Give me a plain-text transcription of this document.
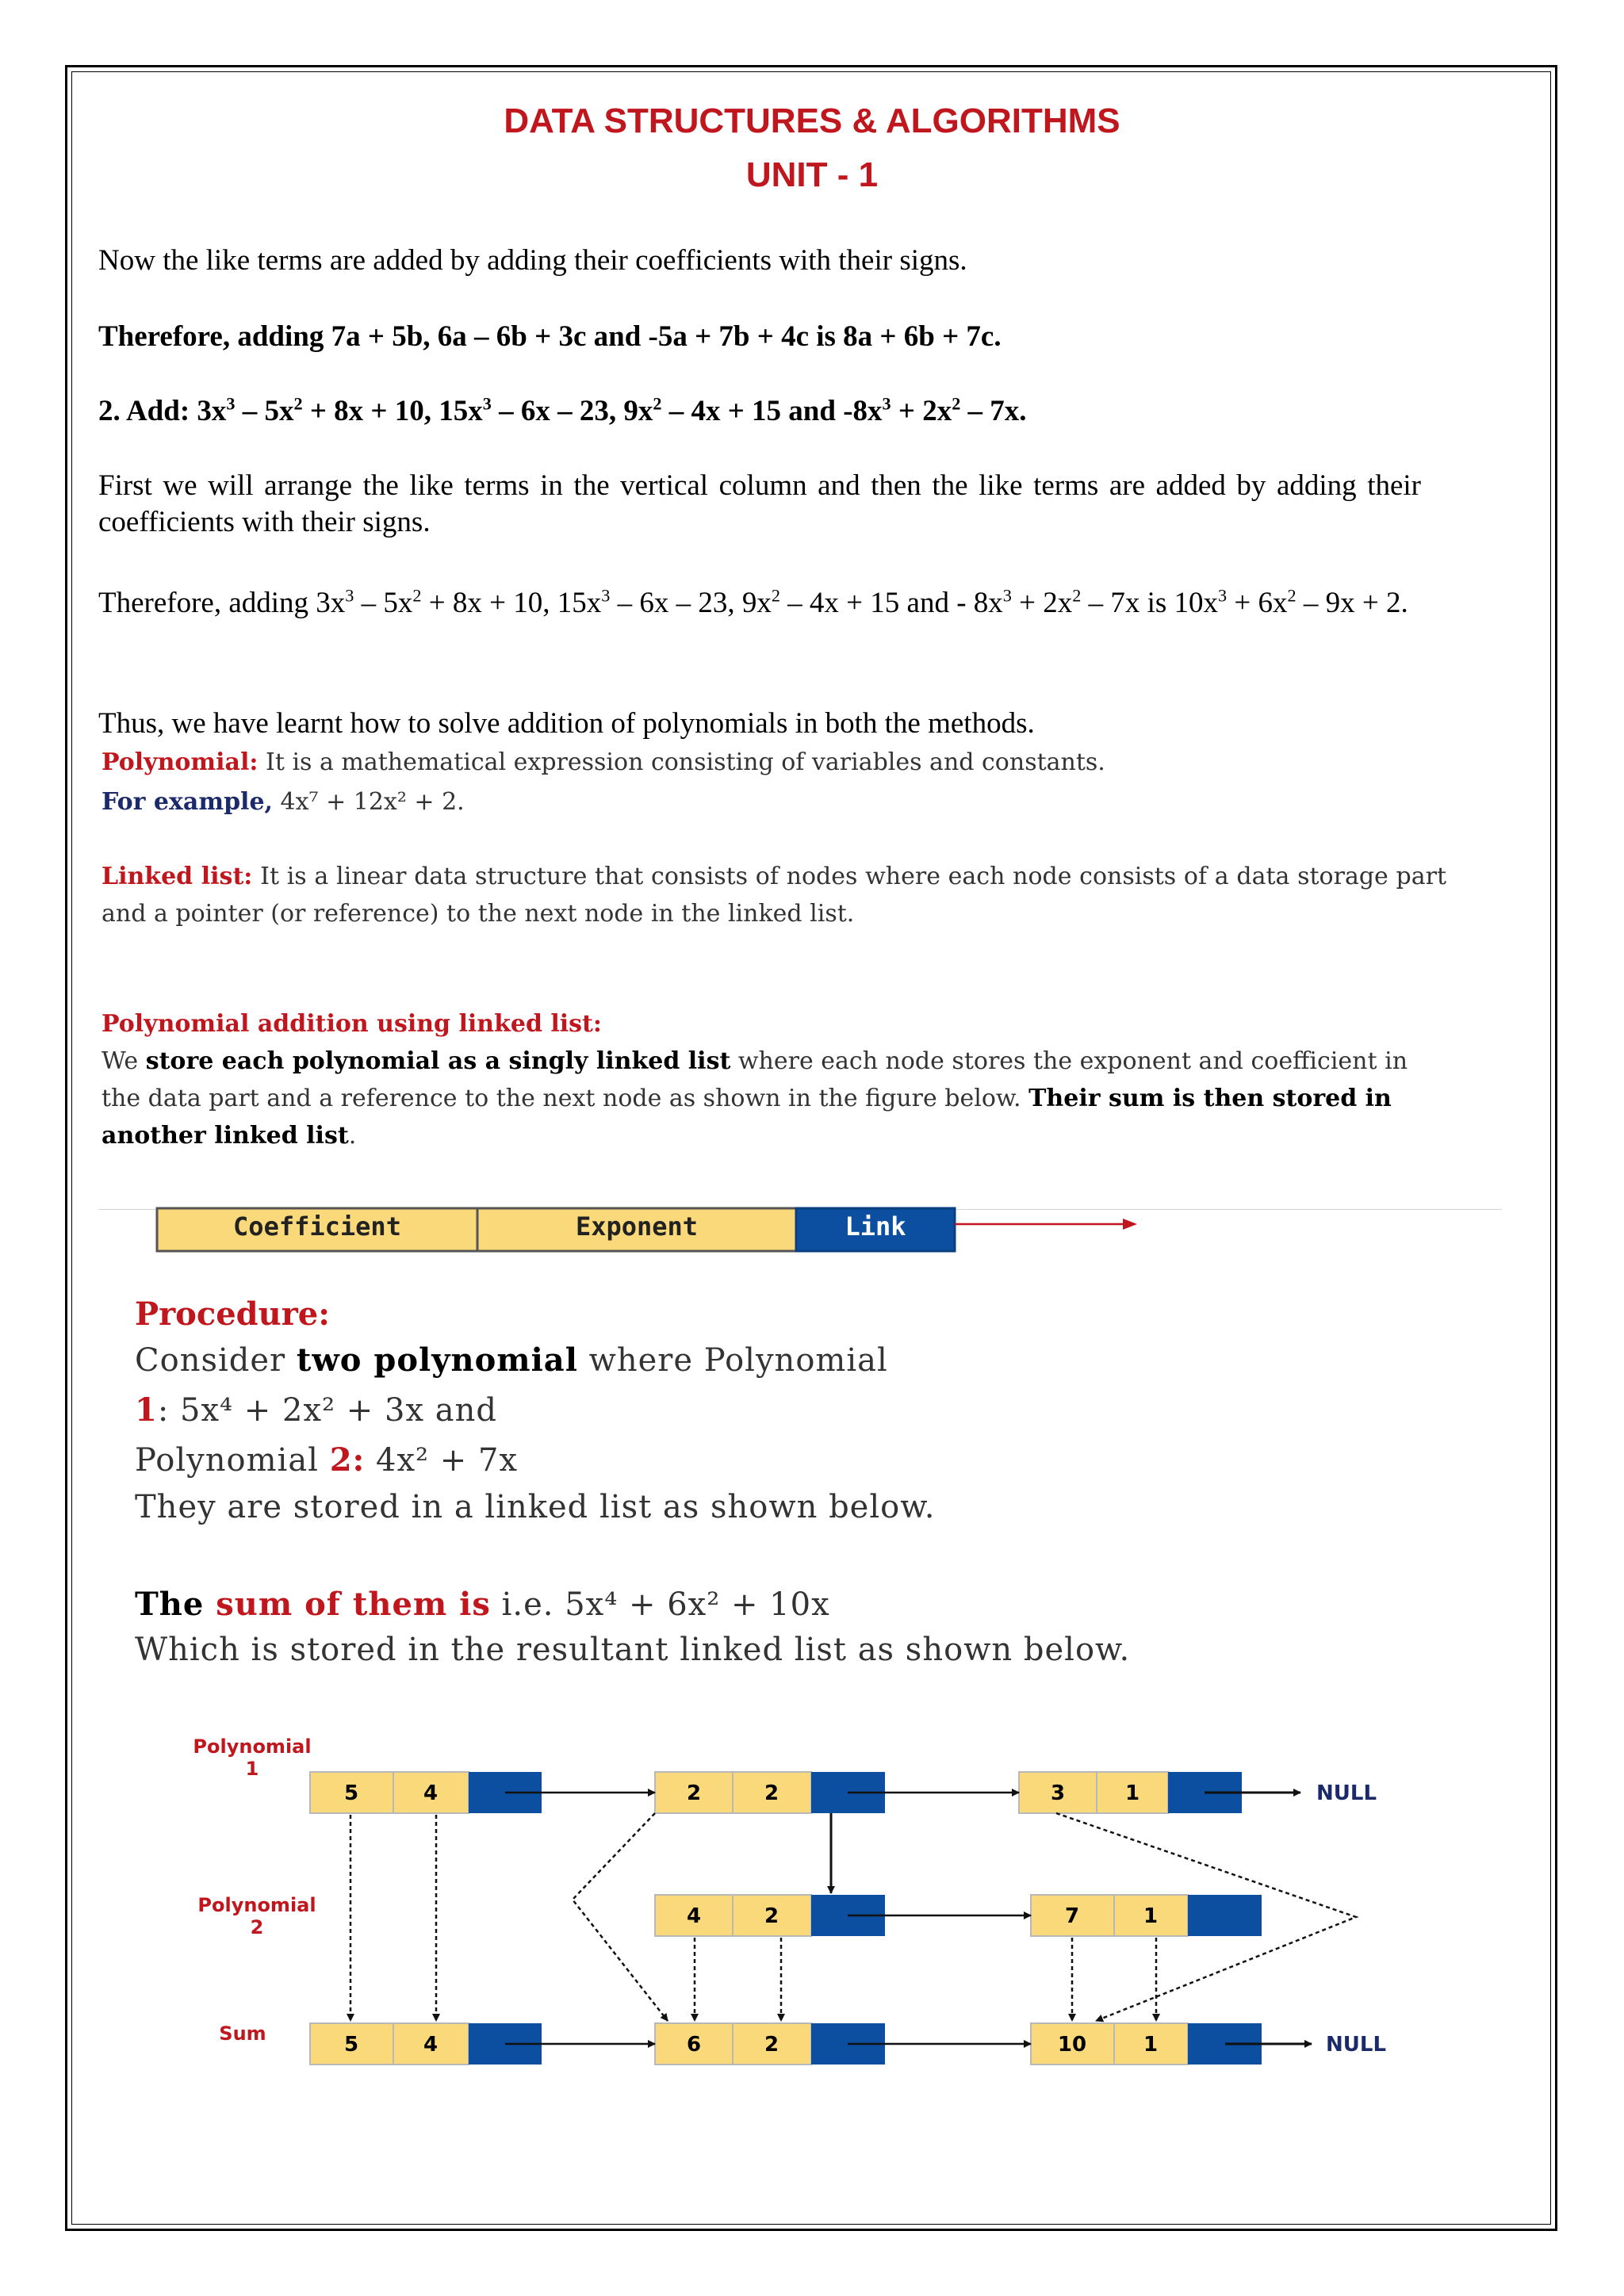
DATA STRUCTURES & ALGORITHMS
UNIT - 1
Now the like terms are added by adding their coefficients with their signs.
Therefore, adding 7a + 5b, 6a – 6b + 3c and -5a + 7b + 4c is 8a + 6b + 7c.
2. Add: $3x^3 - 5x^2 + 8x + 10$, $15x^3 - 6x - 23$, $9x^2 - 4x + 15$ and $-8x^3 + 2x^2 - 7x$.
First we will arrange the like terms in the vertical column and then the like terms are added by adding their coefficients with their signs.
Therefore, adding $3x^3 - 5x^2 + 8x + 10$, $15x^3 - 6x - 23$, $9x^2 - 4x + 15$ and - $8x^3 + 2x^2 - 7x$ is $10x^3 + 6x^2 - 9x + 2$.
Thus, we have learnt how to solve addition of polynomials in both the methods.
Polynomial: It is a mathematical expression consisting of variables and constants.
For example, 4x⁷ + 12x² + 2.
Linked list: It is a linear data structure that consists of nodes where each node consists of a data storage part and a pointer (or reference) to the next node in the linked list.
Polynomial addition using linked list:
We store each polynomial as a singly linked list where each node stores the exponent and coefficient in the data part and a reference to the next node as shown in the figure below. Their sum is then stored in another linked list.
Coefficient	Exponent	Link
Procedure:
Consider two polynomial where Polynomial
1: 5x⁴ + 2x² + 3x and
Polynomial 2: 4x² + 7x
They are stored in a linked list as shown below.
The sum of them is i.e. 5x⁴ + 6x² + 10x
Which is stored in the resultant linked list as shown below.
Polynomial
1
Polynomial
2
Sum
5	4	2	2	3	1	NULL
4	2	7	1
5	4	6	2	10	1	NULL
